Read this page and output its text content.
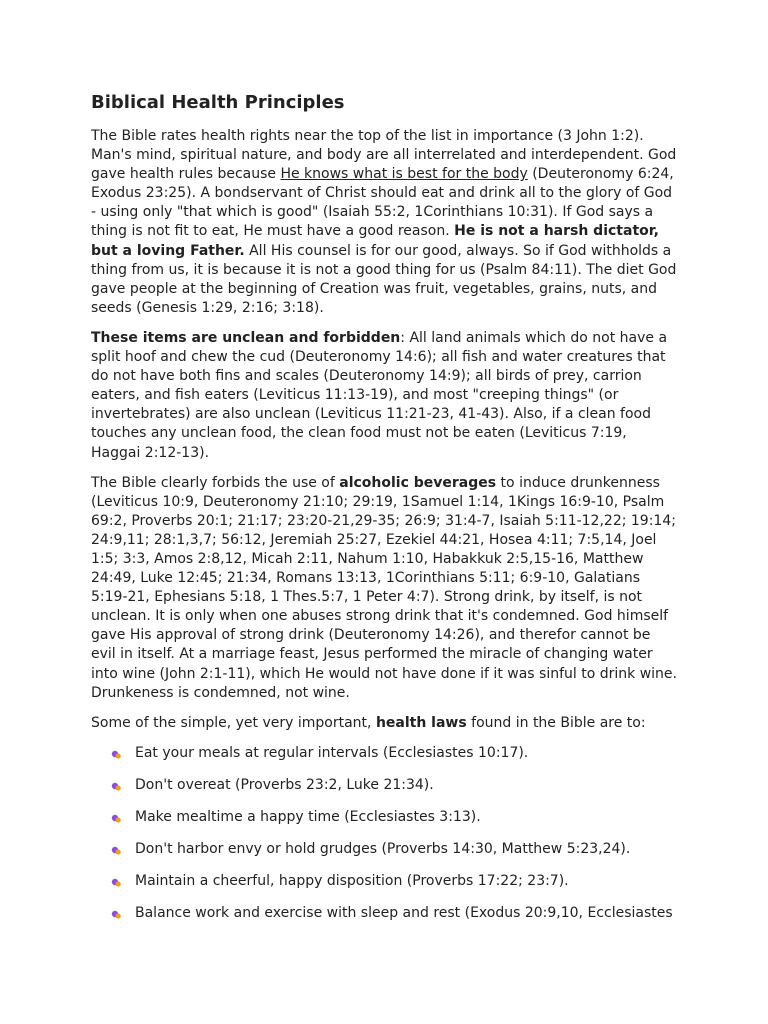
Biblical Health Principles

The Bible rates health rights near the top of the list in importance (3 John 1:2). Man's mind, spiritual nature, and body are all interrelated and interdependent. God gave health rules because He knows what is best for the body (Deuteronomy 6:24, Exodus 23:25). A bondservant of Christ should eat and drink all to the glory of God - using only "that which is good" (Isaiah 55:2, 1Corinthians 10:31). If God says a thing is not fit to eat, He must have a good reason. He is not a harsh dictator, but a loving Father. All His counsel is for our good, always. So if God withholds a thing from us, it is because it is not a good thing for us (Psalm 84:11). The diet God gave people at the beginning of Creation was fruit, vegetables, grains, nuts, and seeds (Genesis 1:29, 2:16; 3:18).

These items are unclean and forbidden: All land animals which do not have a split hoof and chew the cud (Deuteronomy 14:6); all fish and water creatures that do not have both fins and scales (Deuteronomy 14:9); all birds of prey, carrion eaters, and fish eaters (Leviticus 11:13-19), and most "creeping things" (or invertebrates) are also unclean (Leviticus 11:21-23, 41-43). Also, if a clean food touches any unclean food, the clean food must not be eaten (Leviticus 7:19, Haggai 2:12-13).

The Bible clearly forbids the use of alcoholic beverages to induce drunkenness (Leviticus 10:9, Deuteronomy 21:10; 29:19, 1Samuel 1:14, 1Kings 16:9-10, Psalm 69:2, Proverbs 20:1; 21:17; 23:20-21,29-35; 26:9; 31:4-7, Isaiah 5:11-12,22; 19:14; 24:9,11; 28:1,3,7; 56:12, Jeremiah 25:27, Ezekiel 44:21, Hosea 4:11; 7:5,14, Joel 1:5; 3:3, Amos 2:8,12, Micah 2:11, Nahum 1:10, Habakkuk 2:5,15-16, Matthew 24:49, Luke 12:45; 21:34, Romans 13:13, 1Corinthians 5:11; 6:9-10, Galatians 5:19-21, Ephesians 5:18, 1 Thes.5:7, 1 Peter 4:7). Strong drink, by itself, is not unclean. It is only when one abuses strong drink that it's condemned. God himself gave His approval of strong drink (Deuteronomy 14:26), and therefor cannot be evil in itself. At a marriage feast, Jesus performed the miracle of changing water into wine (John 2:1-11), which He would not have done if it was sinful to drink wine. Drunkeness is condemned, not wine.

Some of the simple, yet very important, health laws found in the Bible are to:

Eat your meals at regular intervals (Ecclesiastes 10:17).
Don't overeat (Proverbs 23:2, Luke 21:34).
Make mealtime a happy time (Ecclesiastes 3:13).
Don't harbor envy or hold grudges (Proverbs 14:30, Matthew 5:23,24).
Maintain a cheerful, happy disposition (Proverbs 17:22; 23:7).
Balance work and exercise with sleep and rest (Exodus 20:9,10, Ecclesiastes
